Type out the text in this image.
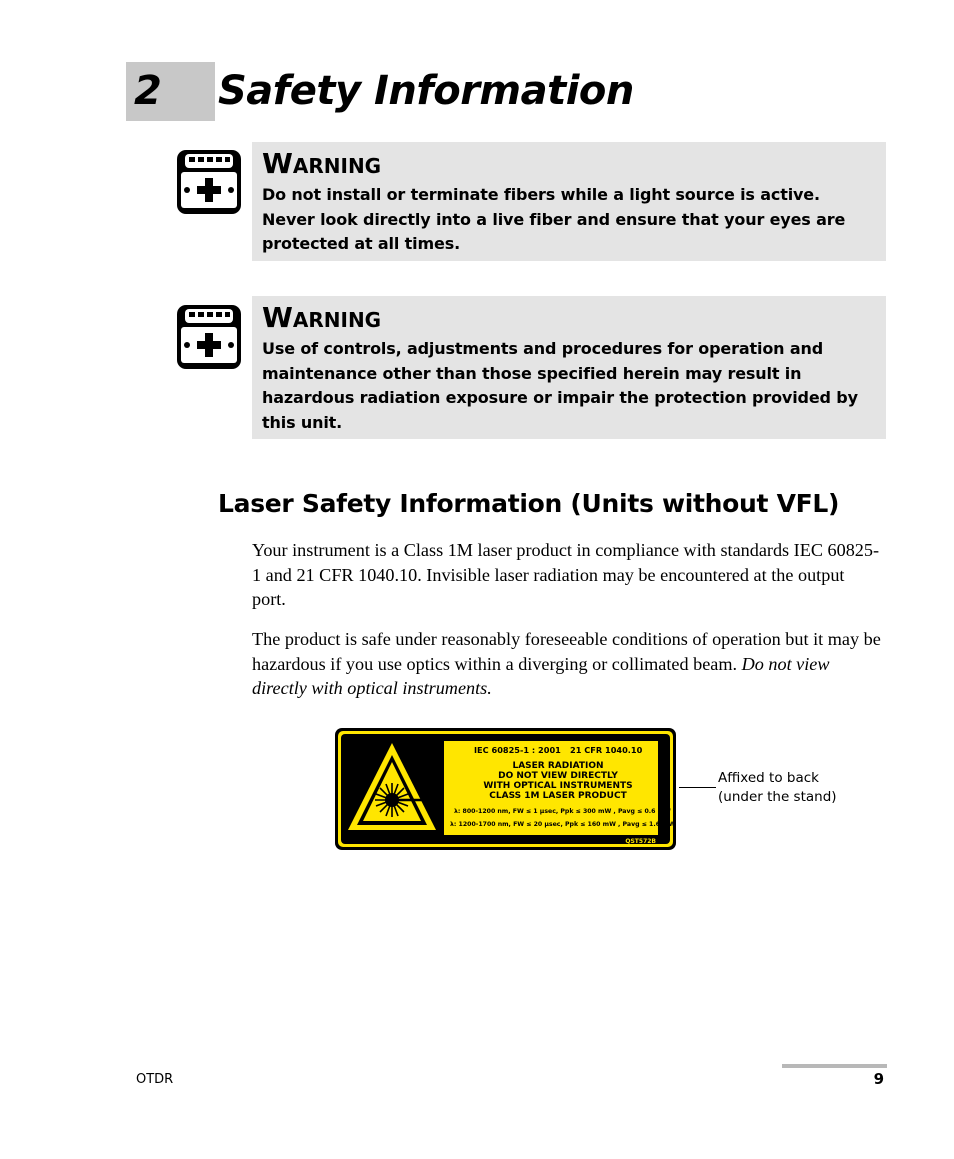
2	Safety Information
Warning
Do not install or terminate fibers while a light source is active. Never look directly into a live fiber and ensure that your eyes are protected at all times.
Warning
Use of controls, adjustments and procedures for operation and maintenance other than those specified herein may result in hazardous radiation exposure or impair the protection provided by this unit.
Laser Safety Information (Units without VFL)

Your instrument is a Class 1M laser product in compliance with standards IEC 60825-1 and 21 CFR 1040.10. Invisible laser radiation may be encountered at the output port.

The product is safe under reasonably foreseeable conditions of operation but it may be hazardous if you use optics within a diverging or collimated beam. Do not view directly with optical instruments.

IEC 60825-1 : 2001 21 CFR 1040.10
LASER RADIATION
DO NOT VIEW DIRECTLY
WITH OPTICAL INSTRUMENTS
CLASS 1M LASER PRODUCT
λ: 800-1200 nm, FW ≤ 1 µsec, Ppk ≤ 300 mW , Pavg ≤ 0.6 mW
λ: 1200-1700 nm, FW ≤ 20 µsec, Ppk ≤ 160 mW , Pavg ≤ 1.6 mW
QST572B
Affixed to back
(under the stand)
OTDR	9
